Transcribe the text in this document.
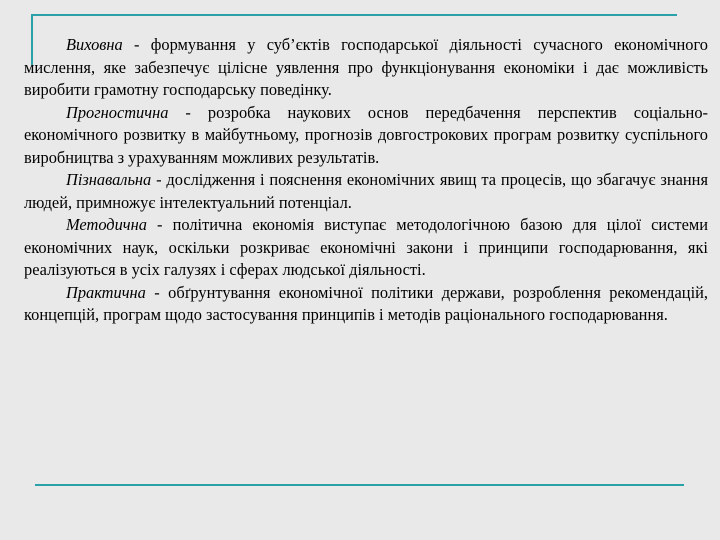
Виховна - формування у суб’єктів господарської діяльності сучасного економічного мислення, яке забезпечує цілісне уявлення про функціонування економіки і дає можливість виробити грамотну господарську поведінку.

Прогностична - розробка наукових основ передбачення перспектив соціально-економічного розвитку в майбутньому, прогнозів довгострокових програм розвитку суспільного виробництва з урахуванням можливих результатів.

Пізнавальна - дослідження і пояснення економічних явищ та процесів, що збагачує знання людей, примножує інтелектуальний потенціал.

Методична - політична економія виступає методологічною базою для цілої системи економічних наук, оскільки розкриває економічні закони і принципи господарювання, які реалізуються в усіх галузях і сферах людської діяльності.

Практична - обґрунтування економічної політики держави, розроблення рекомендацій, концепцій, програм щодо застосування принципів і методів раціонального господарювання.
